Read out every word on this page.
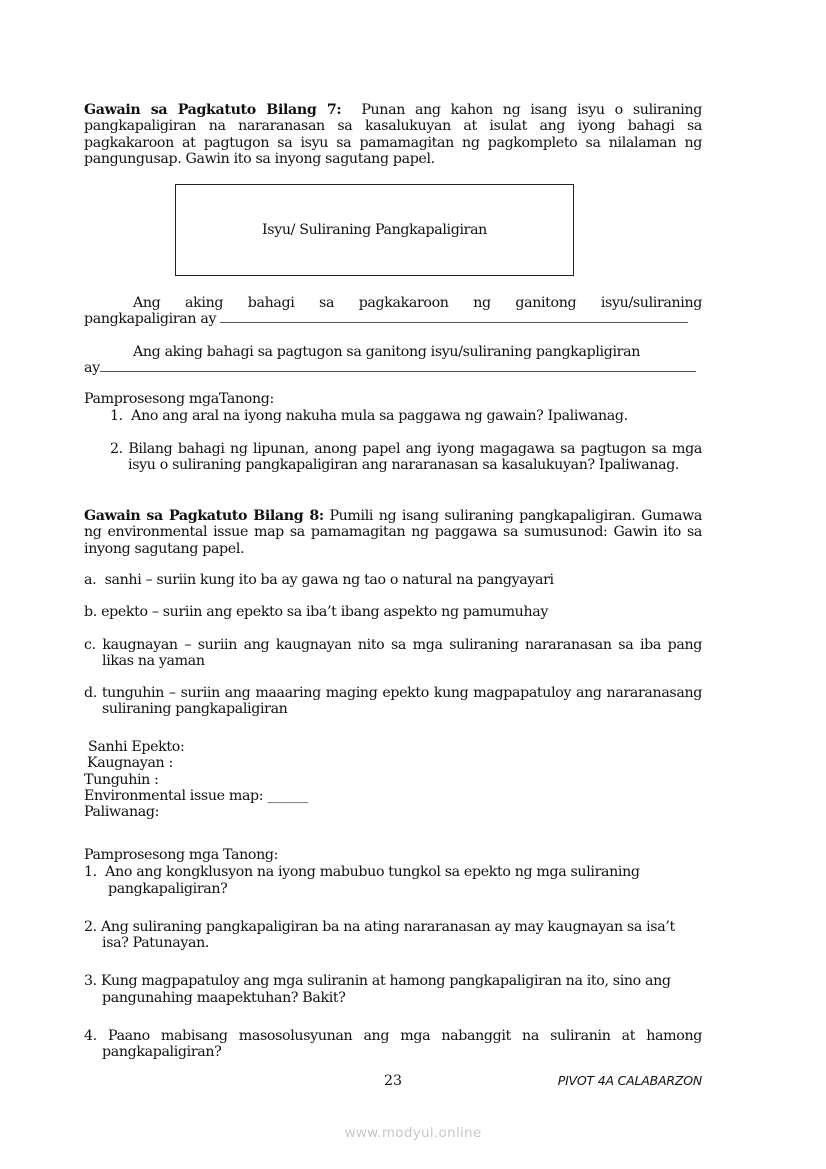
Gawain sa Pagkatuto Bilang 7: Punan ang kahon ng isang isyu o suliraning pangkapaligiran na nararanasan sa kasalukuyan at isulat ang iyong bahagi sa pagkakaroon at pagtugon sa isyu sa pamamagitan ng pagkompleto sa nilalaman ng pangungusap. Gawin ito sa inyong sagutang papel.
Isyu/ Suliraning Pangkapaligiran
Ang aking bahagi sa pagkakaroon ng ganitong isyu/suliraning
pangkapaligiran ay
Ang aking bahagi sa pagtugon sa ganitong isyu/suliraning pangkapligiran
ay
Pamprosesong mgaTanong:
1. Ano ang aral na iyong nakuha mula sa paggawa ng gawain? Ipaliwanag.
2. Bilang bahagi ng lipunan, anong papel ang iyong magagawa sa pagtugon sa mga isyu o suliraning pangkapaligiran ang nararanasan sa kasalukuyan? Ipaliwanag.
Gawain sa Pagkatuto Bilang 8: Pumili ng isang suliraning pangkapaligiran. Gumawa ng environmental issue map sa pamamagitan ng paggawa sa sumusunod: Gawin ito sa inyong sagutang papel.
a. sanhi – suriin kung ito ba ay gawa ng tao o natural na pangyayari
b. epekto – suriin ang epekto sa iba’t ibang aspekto ng pamumuhay
c. kaugnayan – suriin ang kaugnayan nito sa mga suliraning nararanasan sa iba pang likas na yaman
d. tunguhin – suriin ang maaaring maging epekto kung magpapatuloy ang nararanasang suliraning pangkapaligiran
Sanhi Epekto:
Kaugnayan :
Tunguhin :
Environmental issue map: ______
Paliwanag:
Pamprosesong mga Tanong:
1. Ano ang kongklusyon na iyong mabubuo tungkol sa epekto ng mga suliraning pangkapaligiran?
2. Ang suliraning pangkapaligiran ba na ating nararanasan ay may kaugnayan sa isa’t isa? Patunayan.
3. Kung magpapatuloy ang mga suliranin at hamong pangkapaligiran na ito, sino ang pangunahing maapektuhan? Bakit?
4. Paano mabisang masosolusyunan ang mga nabanggit na suliranin at hamong pangkapaligiran?
23	PIVOT 4A CALABARZON
www.modyul.online
